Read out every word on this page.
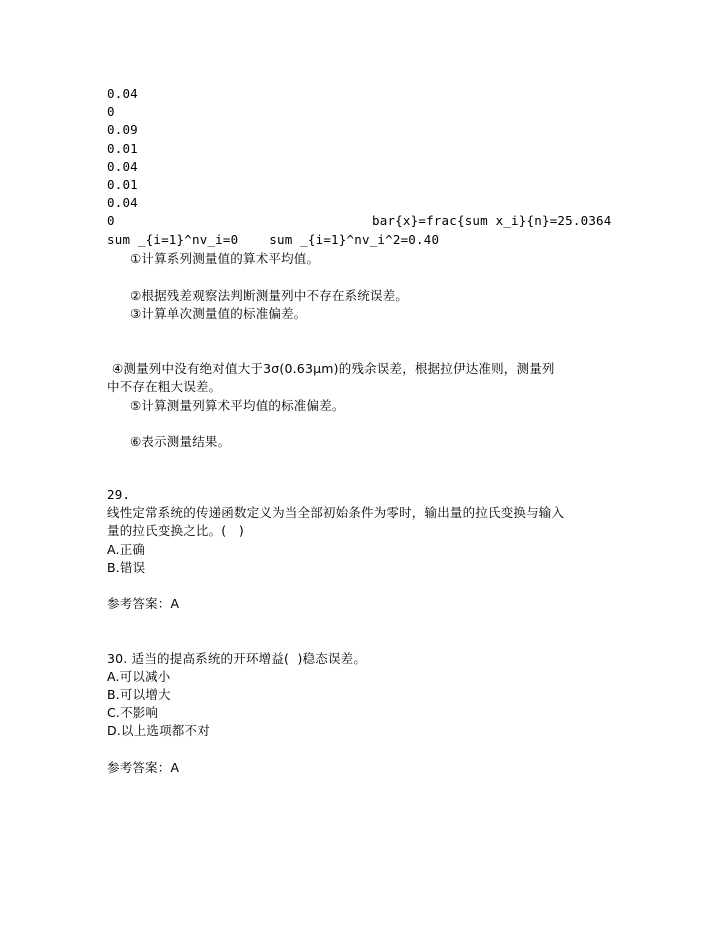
0.04
0
0.09
0.01
0.04
0.01
0.04
0	bar{x}=frac{sum x_i}{n}=25.0364
sum _{i=1}^nv_i=0    sum _{i=1}^nv_i^2=0.40
①计算系列测量值的算术平均值。
②根据残差观察法判断测量列中不存在系统误差。
③计算单次测量值的标准偏差。
④测量列中没有绝对值大于3σ(0.63μm)的残余误差，根据拉伊达准则，测量列
中不存在粗大误差。
⑤计算测量列算术平均值的标准偏差。
⑥表示测量结果。
29.
线性定常系统的传递函数定义为当全部初始条件为零时，输出量的拉氏变换与输入
量的拉氏变换之比。(   )
A.正确
B.错误
参考答案：A
30. 适当的提高系统的开环增益(  )稳态误差。
A.可以减小
B.可以增大
C.不影响
D.以上选项都不对
参考答案：A
